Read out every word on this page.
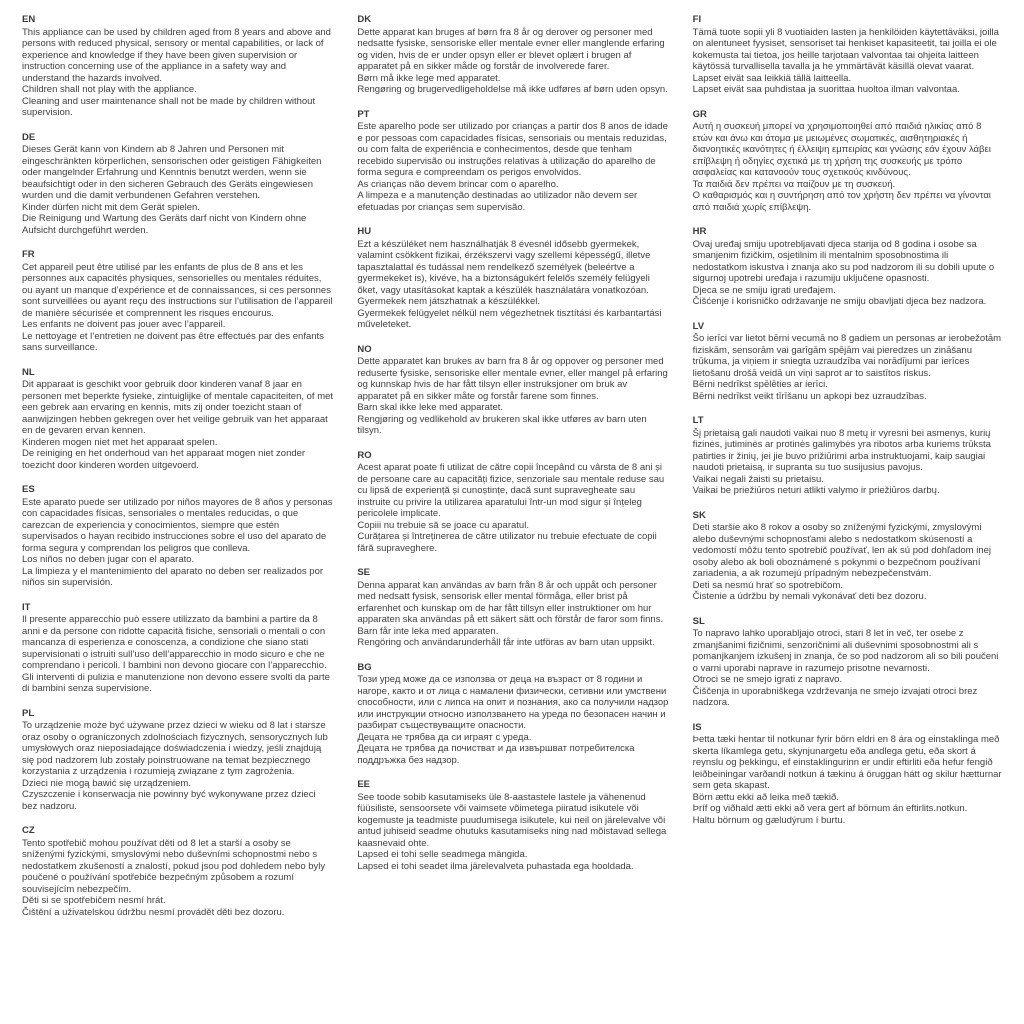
EN

This appliance can be used by children aged from 8 years and above and persons with reduced physical, sensory or mental capabilities, or lack of experience and knowledge if they have been given supervision or instruction concerning use of the appliance in a safety way and understand the hazards involved.

Children shall not play with the appliance.

Cleaning and user maintenance shall not be made by children without supervision.

DE

Dieses Gerät kann von Kindern ab 8 Jahren und Personen mit eingeschränkten körperlichen, sensorischen oder geistigen Fähigkeiten oder mangelnder Erfahrung und Kenntnis benutzt werden, wenn sie beaufsichtigt oder in den sicheren Gebrauch des Geräts eingewiesen wurden und die damit verbundenen Gefahren verstehen.

Kinder dürfen nicht mit dem Gerät spielen.

Die Reinigung und Wartung des Geräts darf nicht von Kindern ohne Aufsicht durchgeführt werden.

FR

Cet appareil peut être utilisé par les enfants de plus de 8 ans et les personnes aux capacités physiques, sensorielles ou mentales réduites, ou ayant un manque d’expérience et de connaissances, si ces personnes sont surveillées ou ayant reçu des instructions sur l’utilisation de l’appareil de manière sécurisée et comprennent les risques encourus.

Les enfants ne doivent pas jouer avec l’appareil.

Le nettoyage et l’entretien ne doivent pas être effectués par des enfants sans surveillance.

NL

Dit apparaat is geschikt voor gebruik door kinderen vanaf 8 jaar en personen met beperkte fysieke, zintuiglijke of mentale capaciteiten, of met een gebrek aan ervaring en kennis, mits zij onder toezicht staan of aanwijzingen hebben gekregen over het veilige gebruik van het apparaat en de gevaren ervan kennen.

Kinderen mogen niet met het apparaat spelen.

De reiniging en het onderhoud van het apparaat mogen niet zonder toezicht door kinderen worden uitgevoerd.

ES

Este aparato puede ser utilizado por niños mayores de 8 años y personas con capacidades físicas, sensoriales o mentales reducidas, o que carezcan de experiencia y conocimientos, siempre que estén supervisados o hayan recibido instrucciones sobre el uso del aparato de forma segura y comprendan los peligros que conlleva.

Los niños no deben jugar con el aparato.

La limpieza y el mantenimiento del aparato no deben ser realizados por niños sin supervisión.

IT

Il presente apparecchio può essere utilizzato da bambini a partire da 8 anni e da persone con ridotte capacità fisiche, sensoriali o mentali o con mancanza di esperienza e conoscenza, a condizione che siano stati supervisionati o istruiti sull’uso dell’apparecchio in modo sicuro e che ne comprendano i pericoli. I bambini non devono giocare con l’apparecchio.

Gli interventi di pulizia e manutenzione non devono essere svolti da parte di bambini senza supervisione.

PL

To urządzenie może być używane przez dzieci w wieku od 8 lat i starsze oraz osoby o ograniczonych zdolnościach fizycznych, sensorycznych lub umysłowych oraz nieposiadające doświadczenia i wiedzy, jeśli znajdują się pod nadzorem lub zostały poinstruowane na temat bezpiecznego korzystania z urządzenia i rozumieją związane z tym zagrożenia.

Dzieci nie mogą bawić się urządzeniem.

Czyszczenie i konserwacja nie powinny być wykonywane przez dzieci bez nadzoru.

CZ

Tento spotřebič mohou používat děti od 8 let a starší a osoby se sníženými fyzickými, smyslovými nebo duševními schopnostmi nebo s nedostatkem zkušeností a znalostí, pokud jsou pod dohledem nebo byly poučené o používání spotřebiče bezpečným způsobem a rozumí souvisejícím nebezpečím.

Děti si se spotřebičem nesmí hrát.

Čištění a uživatelskou údržbu nesmí provádět děti bez dozoru.

DK

Dette apparat kan bruges af børn fra 8 år og derover og personer med nedsatte fysiske, sensoriske eller mentale evner eller manglende erfaring og viden, hvis de er under opsyn eller er blevet oplært i brugen af apparatet på en sikker måde og forstår de involverede farer.

Børn må ikke lege med apparatet.

Rengøring og brugervedligeholdelse må ikke udføres af børn uden opsyn.

PT

Este aparelho pode ser utilizado por crianças a partir dos 8 anos de idade e por pessoas com capacidades físicas, sensoriais ou mentais reduzidas, ou com falta de experiência e conhecimentos, desde que tenham recebido supervisão ou instruções relativas à utilização do aparelho de forma segura e compreendam os perigos envolvidos.

As crianças não devem brincar com o aparelho.

A limpeza e a manutenção destinadas ao utilizador não devem ser efetuadas por crianças sem supervisão.

HU

Ezt a készüléket nem használhatják 8 évesnél idősebb gyermekek, valamint csökkent fizikai, érzékszervi vagy szellemi képességű, illetve tapasztalattal és tudással nem rendelkező személyek (beleértve a gyermekeket is), kivéve, ha a biztonságukért felelős személy felügyeli őket, vagy utasításokat kaptak a készülék használatára vonatkozóan.

Gyermekek nem játszhatnak a készülékkel.

Gyermekek felügyelet nélkül nem végezhetnek tisztítási és karbantartási műveleteket.

NO

Dette apparatet kan brukes av barn fra 8 år og oppover og personer med reduserte fysiske, sensoriske eller mentale evner, eller mangel på erfaring og kunnskap hvis de har fått tilsyn eller instruksjoner om bruk av apparatet på en sikker måte og forstår farene som finnes.

Barn skal ikke leke med apparatet.

Rengjøring og vedlikehold av brukeren skal ikke utføres av barn uten tilsyn.

RO

Acest aparat poate fi utilizat de către copii începând cu vârsta de 8 ani și de persoane care au capacități fizice, senzoriale sau mentale reduse sau cu lipsă de experiență și cunoștințe, dacă sunt supravegheate sau instruite cu privire la utilizarea aparatului într-un mod sigur și înțeleg pericolele implicate.

Copiii nu trebuie să se joace cu aparatul.

Curățarea și întreținerea de către utilizator nu trebuie efectuate de copii fără supraveghere.

SE

Denna apparat kan användas av barn från 8 år och uppåt och personer med nedsatt fysisk, sensorisk eller mental förmåga, eller brist på erfarenhet och kunskap om de har fått tillsyn eller instruktioner om hur apparaten ska användas på ett säkert sätt och förstår de faror som finns.

Barn får inte leka med apparaten.

Rengöring och användarunderhåll får inte utföras av barn utan uppsikt.

BG

Този уред може да се използва от деца на възраст от 8 години и нагоре, както и от лица с намалени физически, сетивни или умствени способности, или с липса на опит и познания, ако са получили надзор или инструкции относно използването на уреда по безопасен начин и разбират съществуващите опасности.

Децата не трябва да си играят с уреда.

Децата не трябва да почистват и да извършват потребителска поддръжка без надзор.

EE

See toode sobib kasutamiseks üle 8-aastastele lastele ja vähenenud füüsiliste, sensoorsete või vaimsete võimetega piiratud isikutele või kogemuste ja teadmiste puudumisega isikutele, kui neil on järelevalve või antud juhiseid seadme ohutuks kasutamiseks ning nad mõistavad sellega kaasnevaid ohte.

Lapsed ei tohi selle seadmega mängida.

Lapsed ei tohi seadet ilma järelevalveta puhastada ega hooldada.

FI

Tämä tuote sopii yli 8 vuotiaiden lasten ja henkilöiden käytettäväksi, joilla on alentuneet fyysiset, sensoriset tai henkiset kapasiteetit, tai joilla ei ole kokemusta tai tietoa, jos heille tarjotaan valvontaa tai ohjeita laitteen käytössä turvallisella tavalla ja he ymmärtävät käsillä olevat vaarat.

Lapset eivät saa leikkiä tällä laitteella.

Lapset eivät saa puhdistaa ja suorittaa huoltoa ilman valvontaa.

GR

Αυτή η συσκευή μπορεί να χρησιμοποιηθεί από παιδιά ηλικίας από 8 ετών και άνω και άτομα με μειωμένες σωματικές, αισθητηριακές ή διανοητικές ικανότητες ή έλλειψη εμπειρίας και γνώσης εάν έχουν λάβει επίβλεψη ή οδηγίες σχετικά με τη χρήση της συσκευής με τρόπο ασφαλείας και κατανοούν τους σχετικούς κινδύνους.

Τα παιδιά δεν πρέπει να παίζουν με τη συσκευή.

Ο καθαρισμός και η συντήρηση από τον χρήστη δεν πρέπει να γίνονται από παιδιά χωρίς επίβλεψη.

HR

Ovaj uređaj smiju upotrebljavati djeca starija od 8 godina i osobe sa smanjenim fizičkim, osjetilnim ili mentalnim sposobnostima ili nedostatkom iskustva i znanja ako su pod nadzorom ili su dobili upute o sigurnoj upotrebi uređaja i razumiju uključene opasnosti.

Djeca se ne smiju igrati uređajem.

Čišćenje i korisničko održavanje ne smiju obavljati djeca bez nadzora.

LV

Šo ierīci var lietot bērni vecumā no 8 gadiem un personas ar ierobežotām fiziskām, sensorām vai garīgām spējām vai pieredzes un zināšanu trūkuma, ja viņiem ir sniegta uzraudzība vai norādījumi par ierīces lietošanu drošā veidā un viņi saprot ar to saistītos riskus.

Bērni nedrīkst spēlēties ar ierīci.

Bērni nedrīkst veikt tīrīšanu un apkopi bez uzraudzības.

LT

Šį prietaisą gali naudoti vaikai nuo 8 metų ir vyresni bei asmenys, kurių fizinės, jutiminės ar protinės galimybės yra ribotos arba kuriems trūksta patirties ir žinių, jei jie buvo prižiūrimi arba instruktuojami, kaip saugiai naudoti prietaisą, ir supranta su tuo susijusius pavojus.

Vaikai negali žaisti su prietaisu.

Vaikai be priežiūros neturi atlikti valymo ir priežiūros darbų.

SK

Deti staršie ako 8 rokov a osoby so zníženými fyzickými, zmyslovými alebo duševnými schopnosťami alebo s nedostatkom skúseností a vedomostí môžu tento spotrebič používať, len ak sú pod dohľadom inej osoby alebo ak boli oboznámené s pokynmi o bezpečnom používaní zariadenia, a ak rozumejú prípadným nebezpečenstvám.

Deti sa nesmú hrať so spotrebičom.

Čistenie a údržbu by nemali vykonávať deti bez dozoru.

SL

To napravo lahko uporabljajo otroci, stari 8 let in več, ter osebe z zmanjšanimi fizičnimi, senzoričnimi ali duševnimi sposobnostmi ali s pomanjkanjem izkušenj in znanja, če so pod nadzorom ali so bili poučeni o varni uporabi naprave in razumejo prisotne nevarnosti.

Otroci se ne smejo igrati z napravo.

Čiščenja in uporabniškega vzdrževanja ne smejo izvajati otroci brez nadzora.

IS

Þetta tæki hentar til notkunar fyrir börn eldri en 8 ára og einstaklinga með skerta líkamlega getu, skynjunargetu eða andlega getu, eða skort á reynslu og þekkingu, ef einstaklingurinn er undir eftirliti eða hefur fengið leiðbeiningar varðandi notkun á tækinu á öruggan hátt og skilur hætturnar sem geta skapast.

Börn ættu ekki að leika með tækið.

Þríf og viðhald ætti ekki að vera gert af börnum án eftirlits.notkun.

Haltu börnum og gæludýrum í burtu.
